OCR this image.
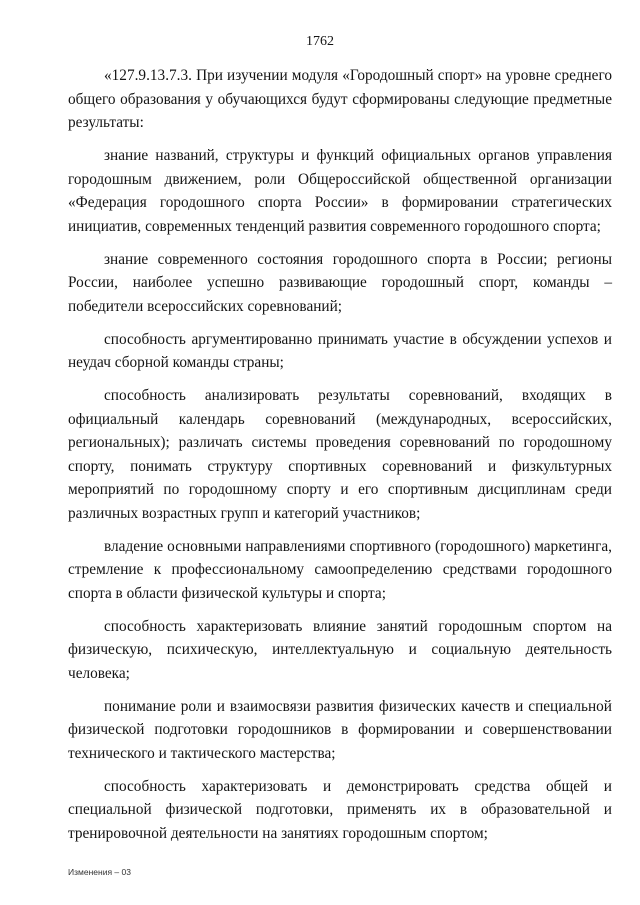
1762

«127.9.13.7.3. При изучении модуля «Городошный спорт» на уровне среднего общего образования у обучающихся будут сформированы следующие предметные результаты:

знание названий, структуры и функций официальных органов управления городошным движением, роли Общероссийской общественной организации «Федерация городошного спорта России» в формировании стратегических инициатив, современных тенденций развития современного городошного спорта;

знание современного состояния городошного спорта в России; регионы России, наиболее успешно развивающие городошный спорт, команды – победители всероссийских соревнований;

способность аргументированно принимать участие в обсуждении успехов и неудач сборной команды страны;

способность анализировать результаты соревнований, входящих в официальный календарь соревнований (международных, всероссийских, региональных); различать системы проведения соревнований по городошному спорту, понимать структуру спортивных соревнований и физкультурных мероприятий по городошному спорту и его спортивным дисциплинам среди различных возрастных групп и категорий участников;

владение основными направлениями спортивного (городошного) маркетинга, стремление к профессиональному самоопределению средствами городошного спорта в области физической культуры и спорта;

способность характеризовать влияние занятий городошным спортом на физическую, психическую, интеллектуальную и социальную деятельность человека;

понимание роли и взаимосвязи развития физических качеств и специальной физической подготовки городошников в формировании и совершенствовании технического и тактического мастерства;

способность характеризовать и демонстрировать средства общей и специальной физической подготовки, применять их в образовательной и тренировочной деятельности на занятиях городошным спортом;

Изменения – 03
